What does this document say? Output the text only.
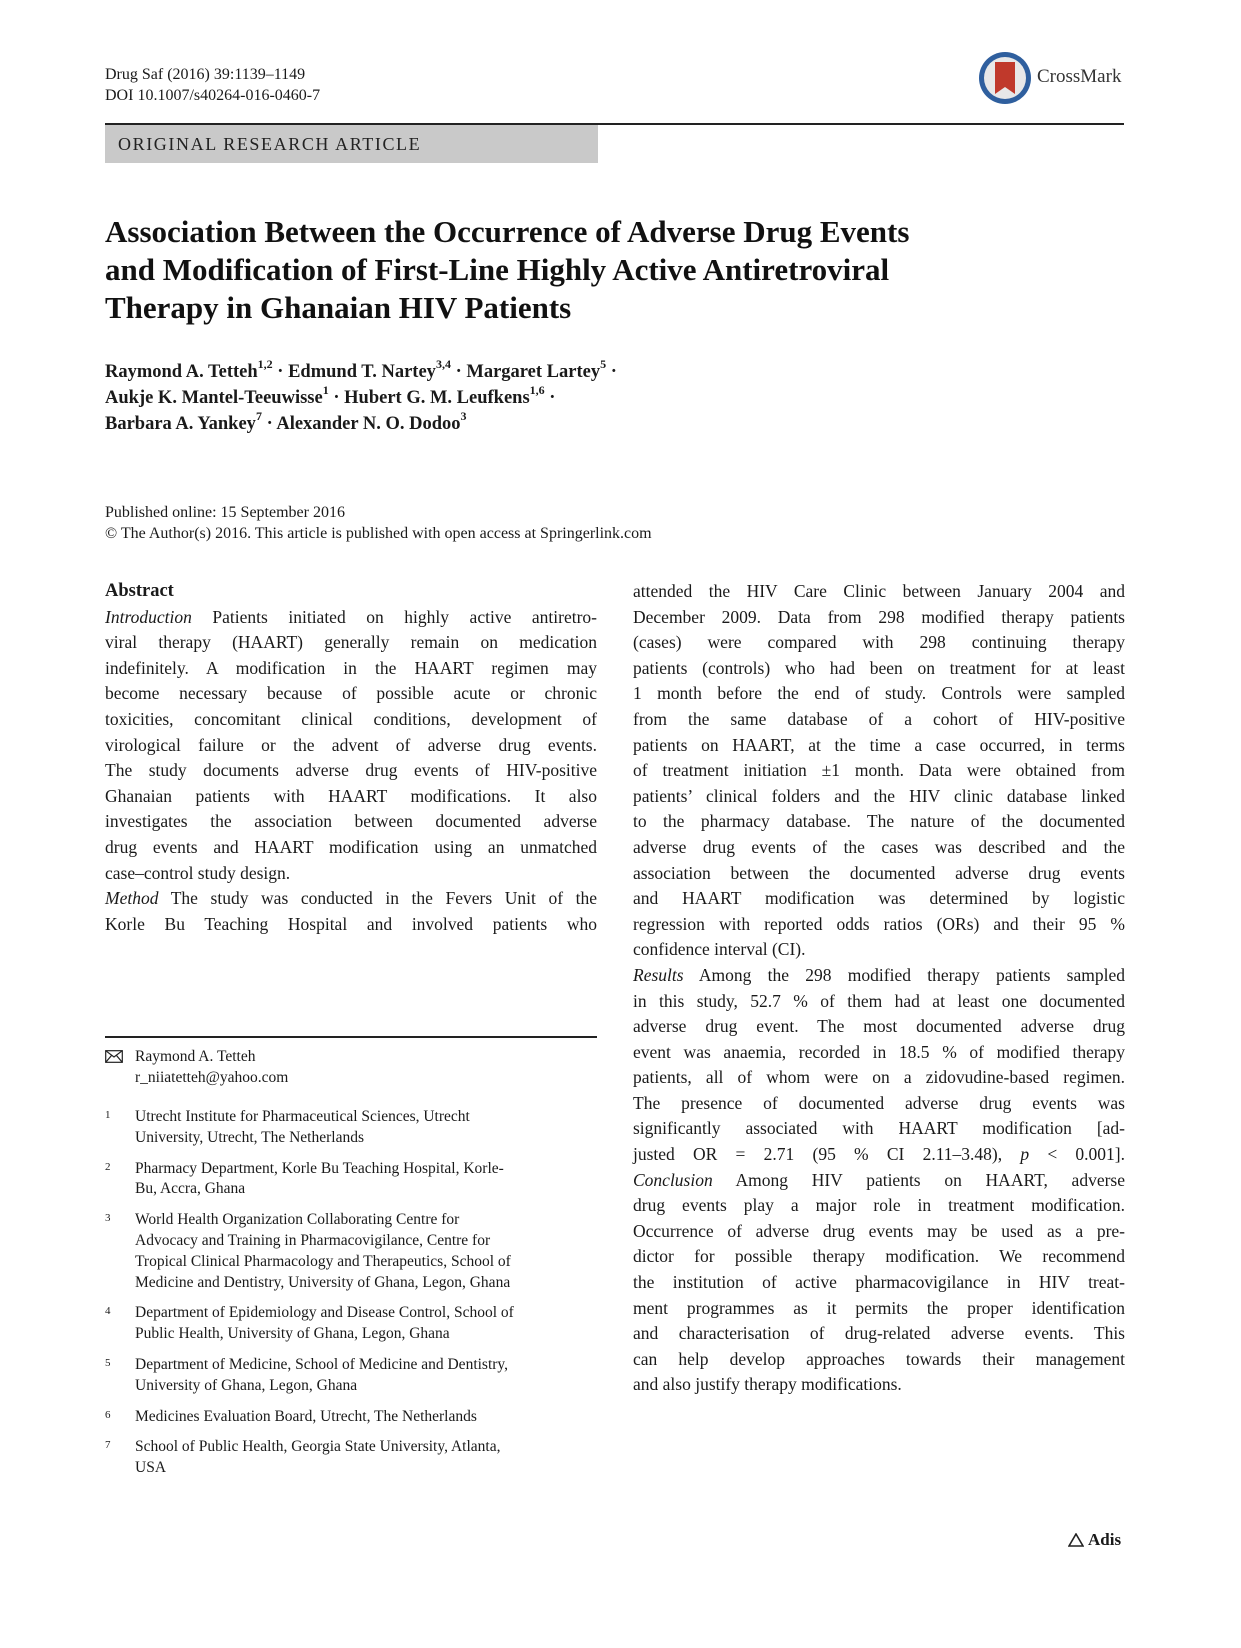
Drug Saf (2016) 39:1139–1149
DOI 10.1007/s40264-016-0460-7
CrossMark
ORIGINAL RESEARCH ARTICLE
Association Between the Occurrence of Adverse Drug Events
and Modification of First-Line Highly Active Antiretroviral
Therapy in Ghanaian HIV Patients
Raymond A. Tetteh$^{1,2}$ · Edmund T. Nartey$^{3,4}$ · Margaret Lartey$^5$ ·
Aukje K. Mantel-Teeuwisse$^1$ · Hubert G. M. Leufkens$^{1,6}$ ·
Barbara A. Yankey$^7$ · Alexander N. O. Dodoo$^3$
Published online: 15 September 2016
© The Author(s) 2016. This article is published with open access at Springerlink.com
Abstract
Introduction Patients initiated on highly active antiretro-
viral therapy (HAART) generally remain on medication
indefinitely. A modification in the HAART regimen may
become necessary because of possible acute or chronic
toxicities, concomitant clinical conditions, development of
virological failure or the advent of adverse drug events.
The study documents adverse drug events of HIV-positive
Ghanaian patients with HAART modifications. It also
investigates the association between documented adverse
drug events and HAART modification using an unmatched
case–control study design.
Method The study was conducted in the Fevers Unit of the
Korle Bu Teaching Hospital and involved patients who
attended the HIV Care Clinic between January 2004 and
December 2009. Data from 298 modified therapy patients
(cases) were compared with 298 continuing therapy
patients (controls) who had been on treatment for at least
1 month before the end of study. Controls were sampled
from the same database of a cohort of HIV-positive
patients on HAART, at the time a case occurred, in terms
of treatment initiation ±1 month. Data were obtained from
patients’ clinical folders and the HIV clinic database linked
to the pharmacy database. The nature of the documented
adverse drug events of the cases was described and the
association between the documented adverse drug events
and HAART modification was determined by logistic
regression with reported odds ratios (ORs) and their 95 %
confidence interval (CI).
Results Among the 298 modified therapy patients sampled
in this study, 52.7 % of them had at least one documented
adverse drug event. The most documented adverse drug
event was anaemia, recorded in 18.5 % of modified therapy
patients, all of whom were on a zidovudine-based regimen.
The presence of documented adverse drug events was
significantly associated with HAART modification [ad-
justed OR = 2.71 (95 % CI 2.11–3.48), p < 0.001].
Conclusion Among HIV patients on HAART, adverse
drug events play a major role in treatment modification.
Occurrence of adverse drug events may be used as a pre-
dictor for possible therapy modification. We recommend
the institution of active pharmacovigilance in HIV treat-
ment programmes as it permits the proper identification
and characterisation of drug-related adverse events. This
can help develop approaches towards their management
and also justify therapy modifications.
Raymond A. Tetteh
r_niiatetteh@yahoo.com
1 Utrecht Institute for Pharmaceutical Sciences, Utrecht
University, Utrecht, The Netherlands
2 Pharmacy Department, Korle Bu Teaching Hospital, Korle-
Bu, Accra, Ghana
3 World Health Organization Collaborating Centre for
Advocacy and Training in Pharmacovigilance, Centre for
Tropical Clinical Pharmacology and Therapeutics, School of
Medicine and Dentistry, University of Ghana, Legon, Ghana
4 Department of Epidemiology and Disease Control, School of
Public Health, University of Ghana, Legon, Ghana
5 Department of Medicine, School of Medicine and Dentistry,
University of Ghana, Legon, Ghana
6 Medicines Evaluation Board, Utrecht, The Netherlands
7 School of Public Health, Georgia State University, Atlanta,
USA
Adis
